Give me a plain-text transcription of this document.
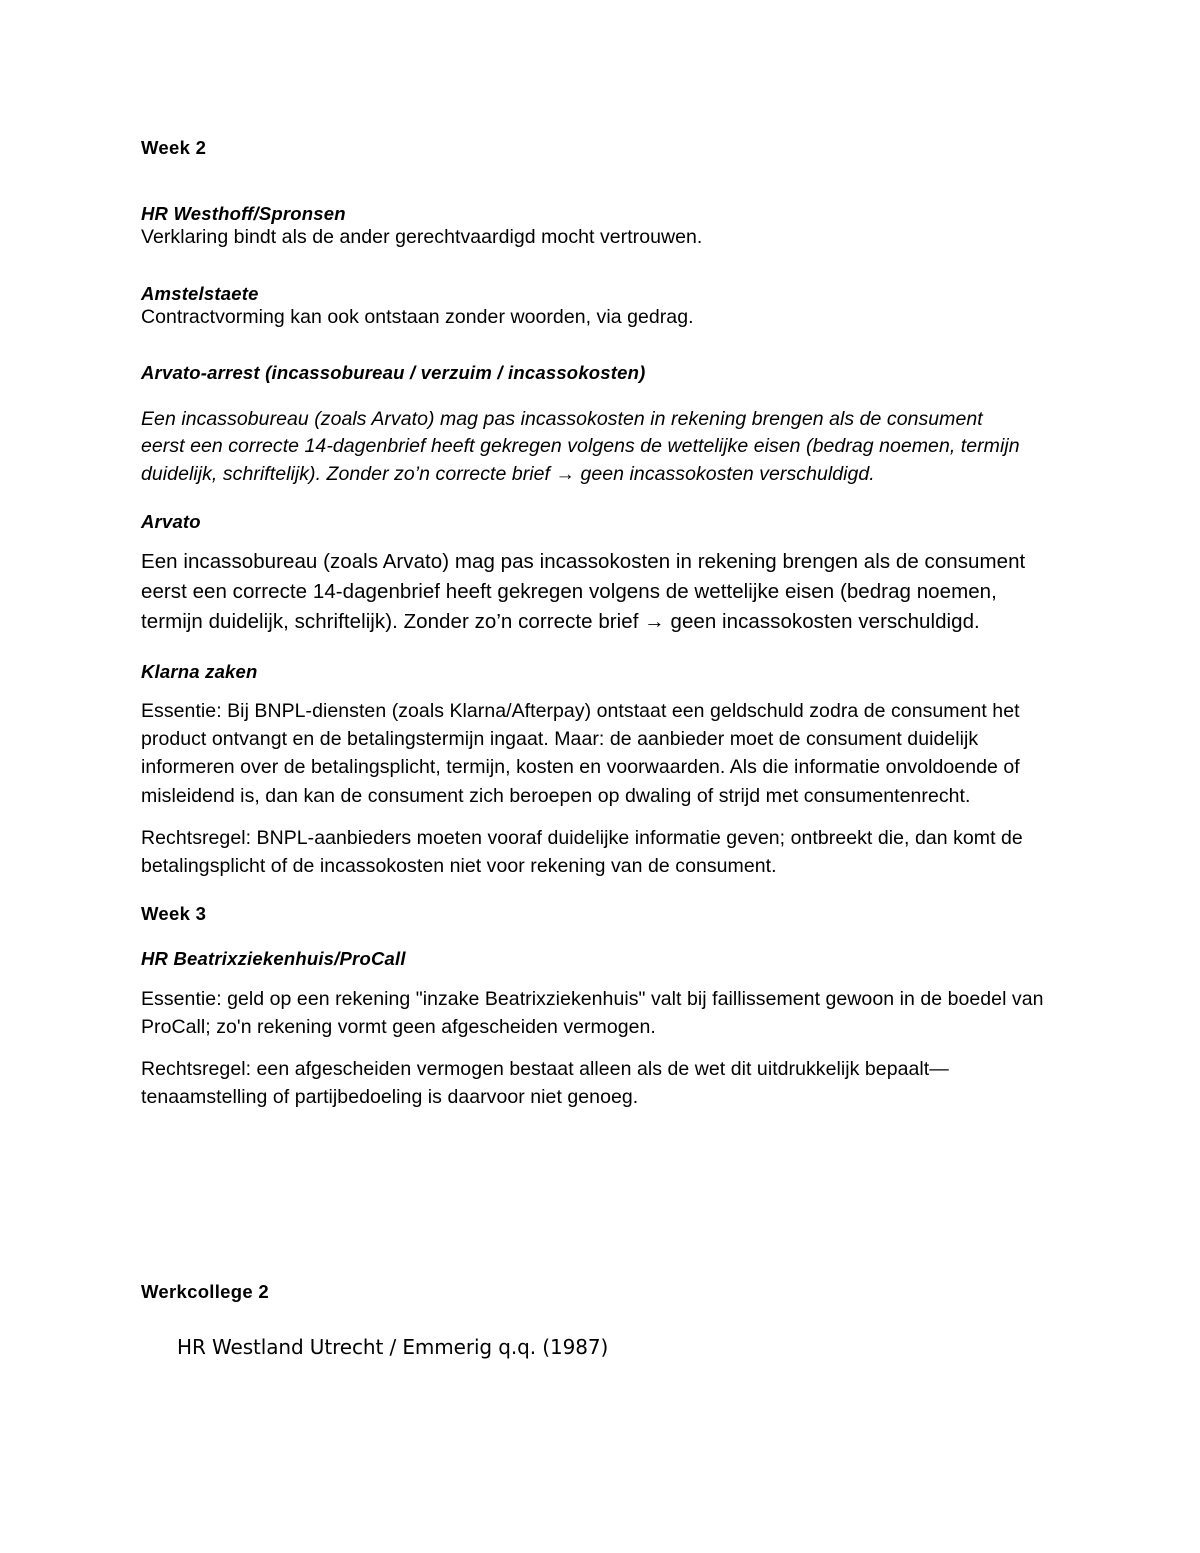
Week 2
HR Westhoff/Spronsen

Verklaring bindt als de ander gerechtvaardigd mocht vertrouwen.

Amstelstaete

Contractvorming kan ook ontstaan zonder woorden, via gedrag.

Arvato-arrest (incassobureau / verzuim / incassokosten)

Een incassobureau (zoals Arvato) mag pas incassokosten in rekening brengen als de consument eerst een correcte 14-dagenbrief heeft gekregen volgens de wettelijke eisen (bedrag noemen, termijn duidelijk, schriftelijk). Zonder zo’n correcte brief → geen incassokosten verschuldigd.

Arvato

Een incassobureau (zoals Arvato) mag pas incassokosten in rekening brengen als de consument eerst een correcte 14-dagenbrief heeft gekregen volgens de wettelijke eisen (bedrag noemen, termijn duidelijk, schriftelijk). Zonder zo’n correcte brief → geen incassokosten verschuldigd.

Klarna zaken

Essentie: Bij BNPL-diensten (zoals Klarna/Afterpay) ontstaat een geldschuld zodra de consument het product ontvangt en de betalingstermijn ingaat. Maar: de aanbieder moet de consument duidelijk informeren over de betalingsplicht, termijn, kosten en voorwaarden. Als die informatie onvoldoende of misleidend is, dan kan de consument zich beroepen op dwaling of strijd met consumentenrecht.

Rechtsregel: BNPL-aanbieders moeten vooraf duidelijke informatie geven; ontbreekt die, dan komt de betalingsplicht of de incassokosten niet voor rekening van de consument.

Week 3
HR Beatrixziekenhuis/ProCall

Essentie: geld op een rekening "inzake Beatrixziekenhuis" valt bij faillissement gewoon in de boedel van ProCall; zo'n rekening vormt geen afgescheiden vermogen.

Rechtsregel: een afgescheiden vermogen bestaat alleen als de wet dit uitdrukkelijk bepaalt—tenaamstelling of partijbedoeling is daarvoor niet genoeg.

Werkcollege 2

HR Westland Utrecht / Emmerig q.q. (1987)
